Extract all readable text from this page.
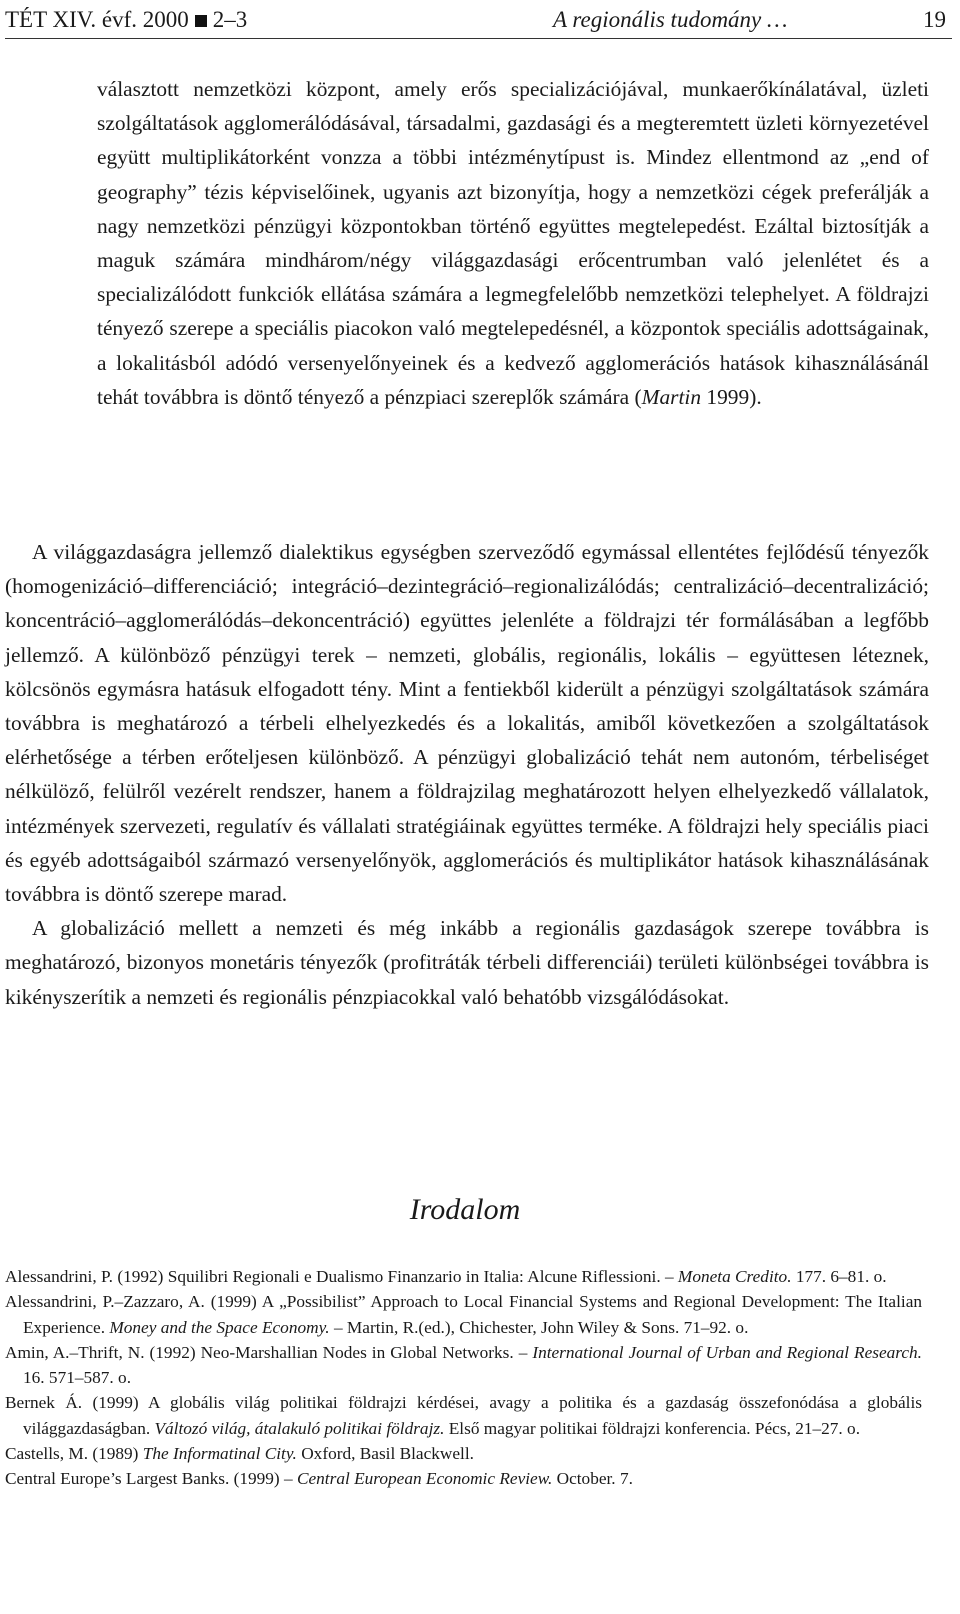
TÉT XIV. évf. 2000 2–3	A regionális tudomány …	19

választott nemzetközi központ, amely erős specializációjával, munkaerőkínálatával, üzleti szolgáltatások agglomerálódásával, társadalmi, gazdasági és a megteremtett üzleti környezetével együtt multiplikátorként vonzza a többi intézménytípust is. Mindez ellentmond az „end of geography” tézis képviselőinek, ugyanis azt bizonyítja, hogy a nemzetközi cégek preferálják a nagy nemzetközi pénzügyi központokban történő együttes megtelepedést. Ezáltal biztosítják a maguk számára mindhárom/négy világgazdasági erőcentrumban való jelenlétet és a specializálódott funkciók ellátása számára a legmegfelelőbb nemzetközi telephelyet. A földrajzi tényező szerepe a speciális piacokon való megtelepedésnél, a központok speciális adottságainak, a lokalitásból adódó versenyelőnyeinek és a kedvező agglomerációs hatások kihasználásánál tehát továbbra is döntő tényező a pénzpiaci szereplők számára (Martin 1999).

A világgazdaságra jellemző dialektikus egységben szerveződő egymással ellentétes fejlődésű tényezők (homogenizáció–differenciáció; integráció–dezintegráció–regionalizálódás; centralizáció–decentralizáció; koncentráció–agglomerálódás–dekoncentráció) együttes jelenléte a földrajzi tér formálásában a legfőbb jellemző. A különböző pénzügyi terek – nemzeti, globális, regionális, lokális – együttesen léteznek, kölcsönös egymásra hatásuk elfogadott tény. Mint a fentiekből kiderült a pénzügyi szolgáltatások számára továbbra is meghatározó a térbeli elhelyezkedés és a lokalitás, amiből következően a szolgáltatások elérhetősége a térben erőteljesen különböző. A pénzügyi globalizáció tehát nem autonóm, térbeliséget nélkülöző, felülről vezérelt rendszer, hanem a földrajzilag meghatározott helyen elhelyezkedő vállalatok, intézmények szervezeti, regulatív és vállalati stratégiáinak együttes terméke. A földrajzi hely speciális piaci és egyéb adottságaiból származó versenyelőnyök, agglomerációs és multiplikátor hatások kihasználásának továbbra is döntő szerepe marad.

A globalizáció mellett a nemzeti és még inkább a regionális gazdaságok szerepe továbbra is meghatározó, bizonyos monetáris tényezők (profitráták térbeli differenciái) területi különbségei továbbra is kikényszerítik a nemzeti és regionális pénzpiacokkal való behatóbb vizsgálódásokat.

Irodalom
Alessandrini, P. (1992) Squilibri Regionali e Dualismo Finanzario in Italia: Alcune Riflessioni. – Moneta Credito. 177. 6–81. o.
Alessandrini, P.–Zazzaro, A. (1999) A „Possibilist” Approach to Local Financial Systems and Regional Development: The Italian Experience. Money and the Space Economy. – Martin, R.(ed.), Chichester, John Wiley & Sons. 71–92. o.
Amin, A.–Thrift, N. (1992) Neo-Marshallian Nodes in Global Networks. – International Journal of Urban and Regional Research. 16. 571–587. o.
Bernek Á. (1999) A globális világ politikai földrajzi kérdései, avagy a politika és a gazdaság összefonódása a globális világgazdaságban. Változó világ, átalakuló politikai földrajz. Első magyar politikai földrajzi konferencia. Pécs, 21–27. o.
Castells, M. (1989) The Informatinal City. Oxford, Basil Blackwell.
Central Europe’s Largest Banks. (1999) – Central European Economic Review. October. 7.
